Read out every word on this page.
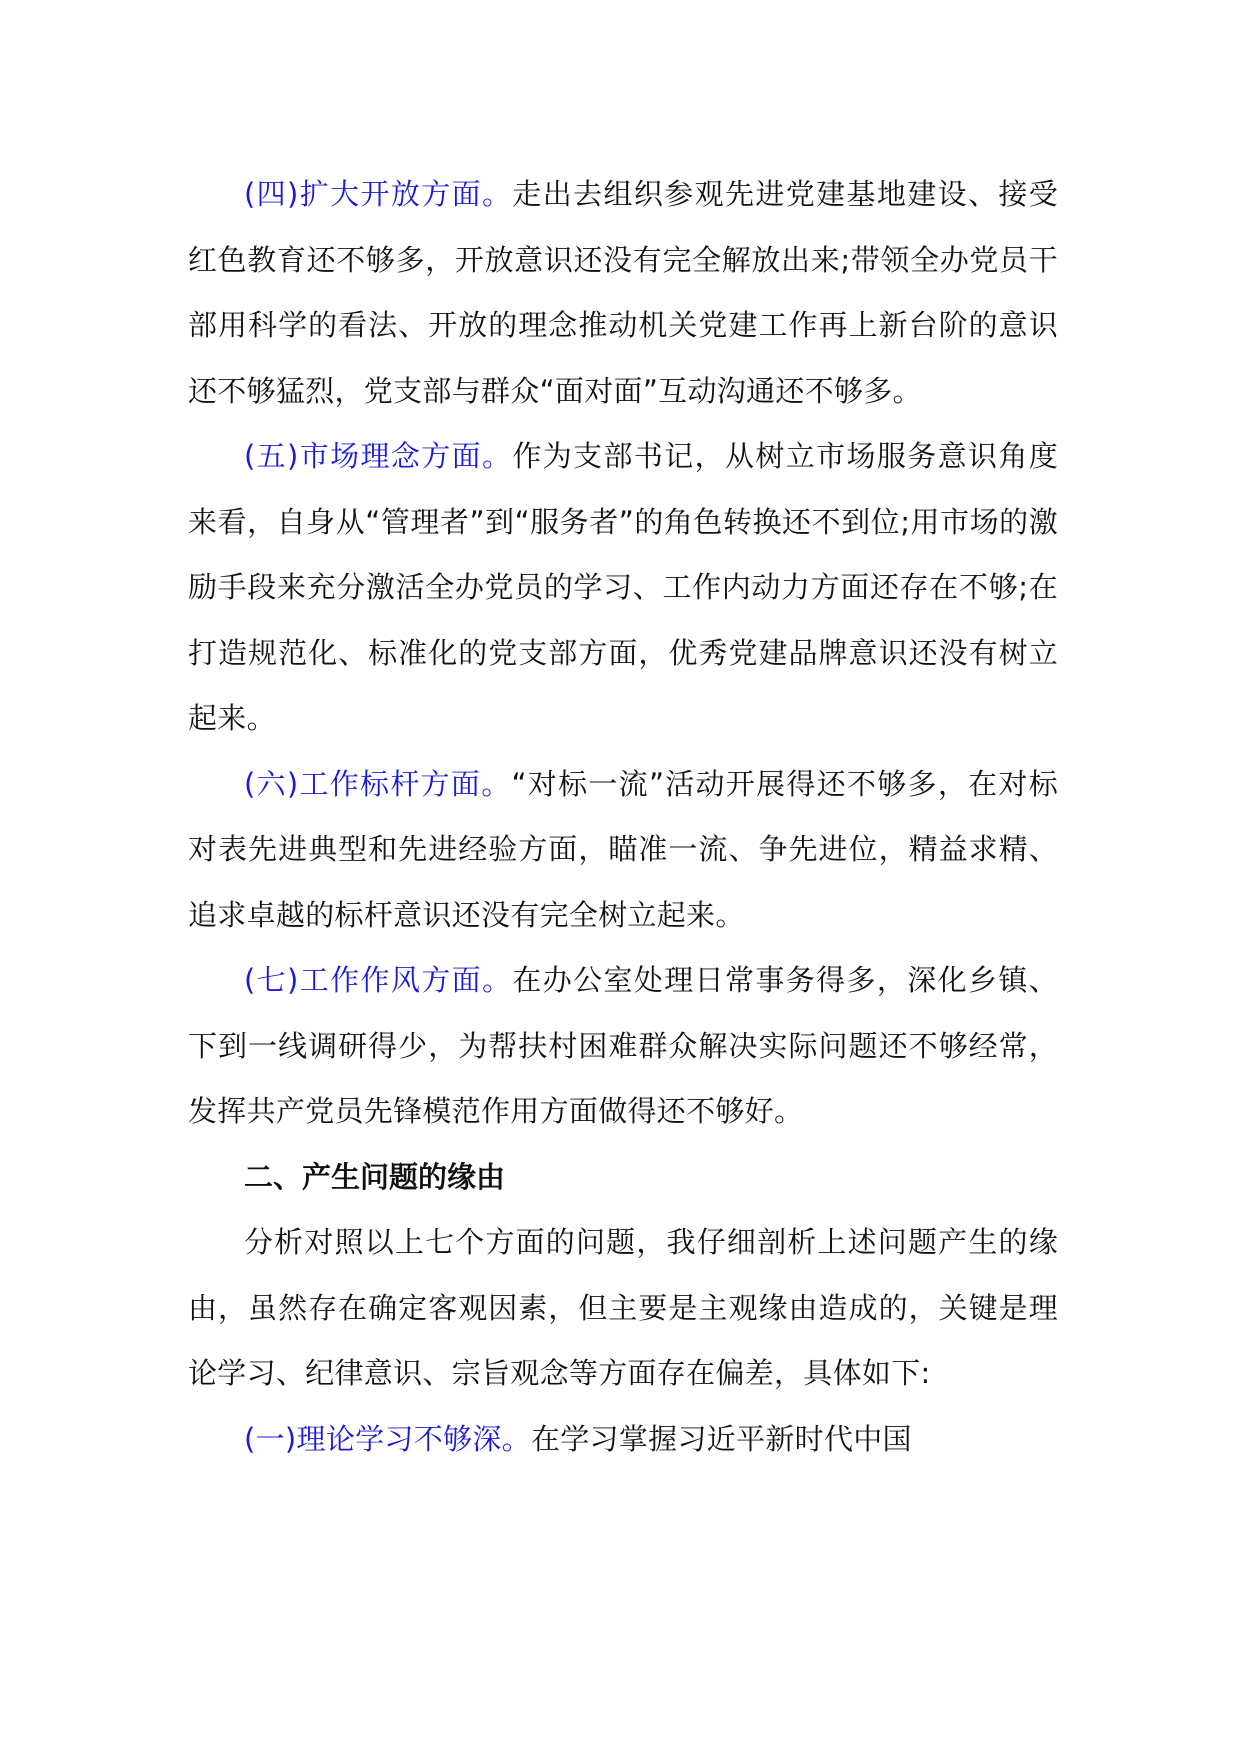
(四)扩大开放方面。走出去组织参观先进党建基地建设、接受红色教育还不够多，开放意识还没有完全解放出来;带领全办党员干部用科学的看法、开放的理念推动机关党建工作再上新台阶的意识还不够猛烈，党支部与群众“面对面”互动沟通还不够多。

(五)市场理念方面。作为支部书记，从树立市场服务意识角度来看，自身从“管理者”到“服务者”的角色转换还不到位;用市场的激励手段来充分激活全办党员的学习、工作内动力方面还存在不够;在打造规范化、标准化的党支部方面，优秀党建品牌意识还没有树立起来。

(六)工作标杆方面。“对标一流”活动开展得还不够多，在对标对表先进典型和先进经验方面，瞄准一流、争先进位，精益求精、追求卓越的标杆意识还没有完全树立起来。

(七)工作作风方面。在办公室处理日常事务得多，深化乡镇、下到一线调研得少，为帮扶村困难群众解决实际问题还不够经常，发挥共产党员先锋模范作用方面做得还不够好。

二、产生问题的缘由

分析对照以上七个方面的问题，我仔细剖析上述问题产生的缘由，虽然存在确定客观因素，但主要是主观缘由造成的，关键是理论学习、纪律意识、宗旨观念等方面存在偏差，具体如下:

(一)理论学习不够深。在学习掌握习近平新时代中国
